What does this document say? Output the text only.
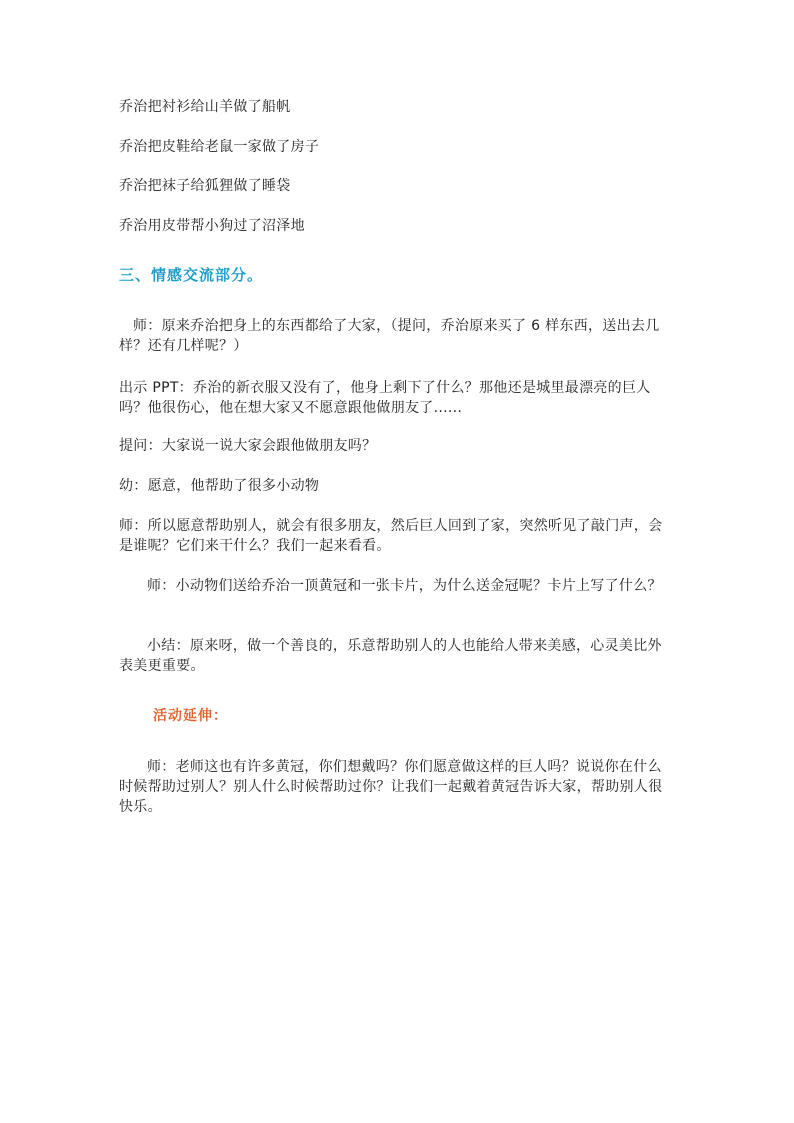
乔治把衬衫给山羊做了船帆
乔治把皮鞋给老鼠一家做了房子
乔治把袜子给狐狸做了睡袋
乔治用皮带帮小狗过了沼泽地
三、情感交流部分。
师：原来乔治把身上的东西都给了大家，（提问，乔治原来买了 6 样东西，送出去几样？还有几样呢？）
出示 PPT：乔治的新衣服又没有了，他身上剩下了什么？那他还是城里最漂亮的巨人吗？他很伤心，他在想大家又不愿意跟他做朋友了......
提问：大家说一说大家会跟他做朋友吗？
幼：愿意，他帮助了很多小动物
师：所以愿意帮助别人，就会有很多朋友，然后巨人回到了家，突然听见了敲门声，会是谁呢？它们来干什么？我们一起来看看。
师：小动物们送给乔治一顶黄冠和一张卡片，为什么送金冠呢？卡片上写了什么？
小结：原来呀，做一个善良的，乐意帮助别人的人也能给人带来美感，心灵美比外表美更重要。
活动延伸：
师：老师这也有许多黄冠，你们想戴吗？你们愿意做这样的巨人吗？说说你在什么时候帮助过别人？别人什么时候帮助过你？让我们一起戴着黄冠告诉大家，帮助别人很快乐。
